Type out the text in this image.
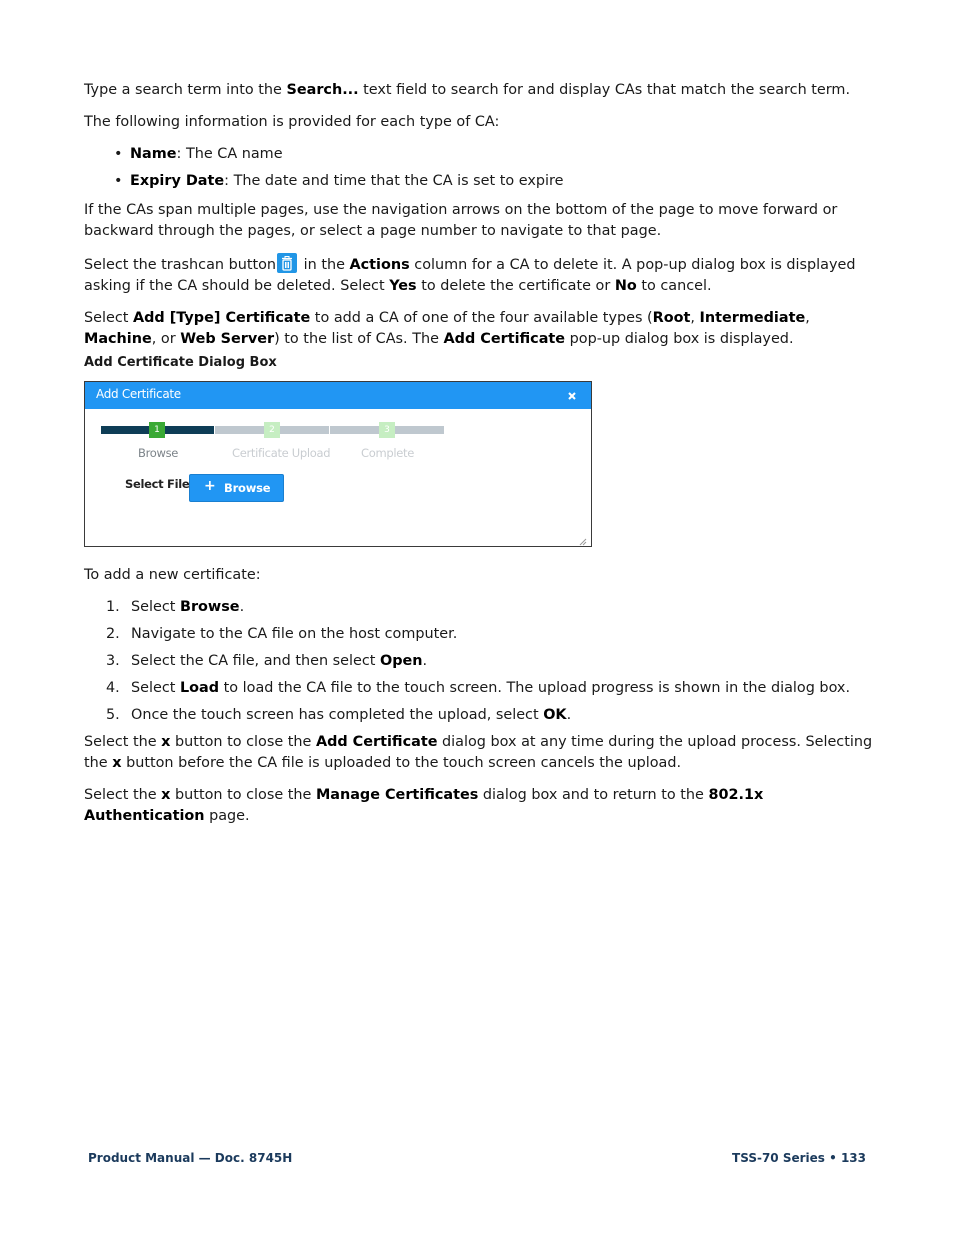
Type a search term into the Search... text field to search for and display CAs that match the search term.

The following information is provided for each type of CA:

• Name: The CA name
• Expiry Date: The date and time that the CA is set to expire

If the CAs span multiple pages, use the navigation arrows on the bottom of the page to move forward or backward through the pages, or select a page number to navigate to that page.

Select the trashcan button
in the Actions column for a CA to delete it. A pop-up dialog box is displayed asking if the CA should be deleted. Select Yes to delete the certificate or No to cancel.

Select Add [Type] Certificate to add a CA of one of the four available types (Root, Intermediate, Machine, or Web Server) to the list of CAs. The Add Certificate pop-up dialog box is displayed.

Add Certificate Dialog Box
Add Certificate
1	2	3
Browse	Certificate Upload	Complete
Select File + Browse

To add a new certificate:

1. Select Browse.
2. Navigate to the CA file on the host computer.
3. Select the CA file, and then select Open.
4. Select Load to load the CA file to the touch screen. The upload progress is shown in the dialog box.
5. Once the touch screen has completed the upload, select OK.

Select the x button to close the Add Certificate dialog box at any time during the upload process. Selecting the x button before the CA file is uploaded to the touch screen cancels the upload.

Select the x button to close the Manage Certificates dialog box and to return to the 802.1x Authentication page.

Product Manual — Doc. 8745H	TSS-70 Series • 133
